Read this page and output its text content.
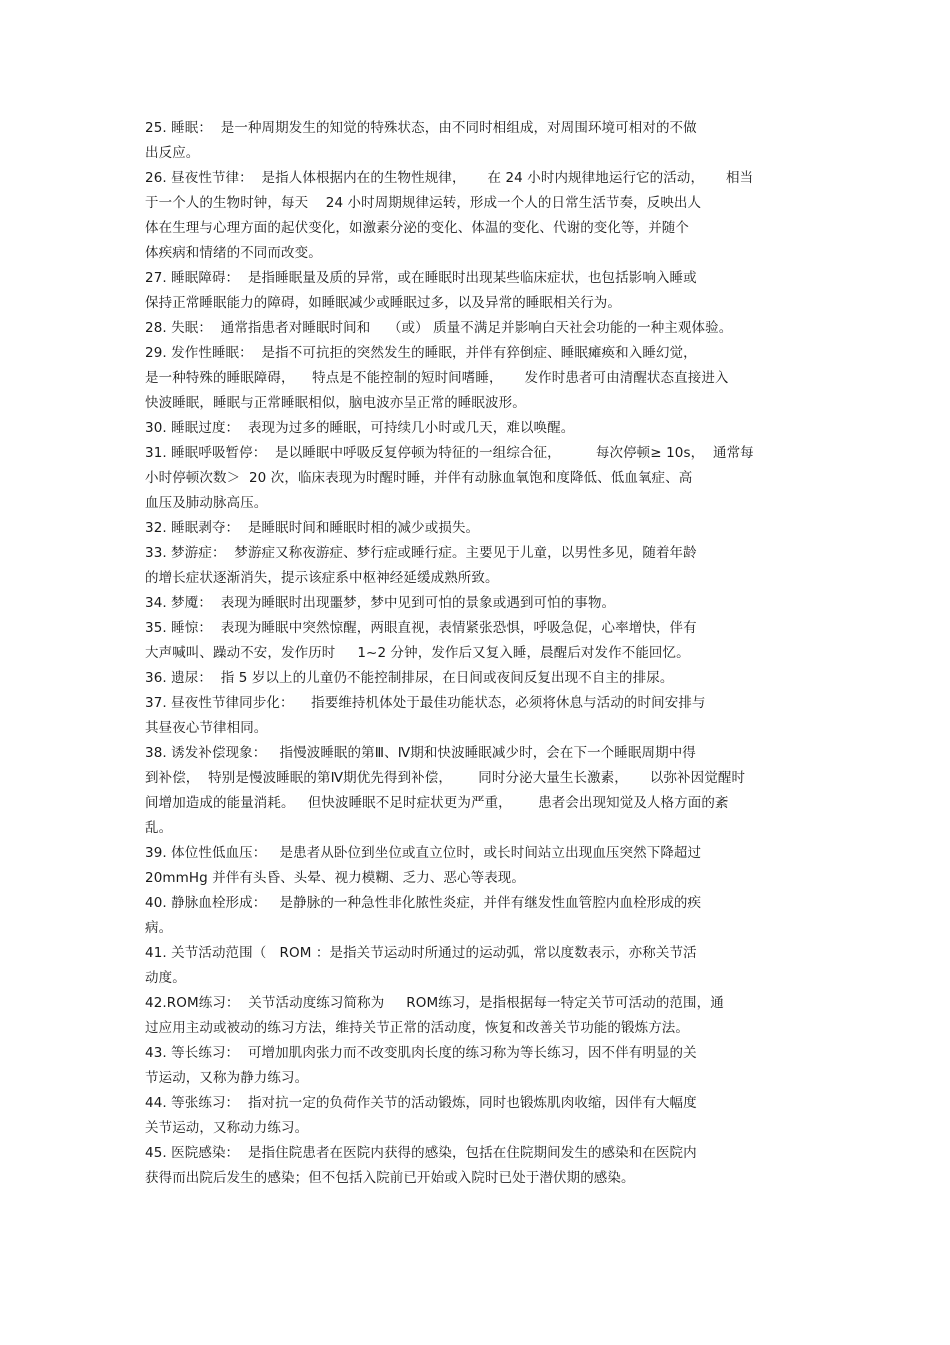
25. 睡眠：  是一种周期发生的知觉的特殊状态，由不同时相组成，对周围环境可相对的不做
出反应。
26. 昼夜性节律：  是指人体根据内在的生物性规律，     在 24 小时内规律地运行它的活动，     相当
于一个人的生物时钟，每天    24 小时周期规律运转，形成一个人的日常生活节奏，反映出人
体在生理与心理方面的起伏变化，如激素分泌的变化、体温的变化、代谢的变化等，并随个
体疾病和情绪的不同而改变。
27. 睡眠障碍：  是指睡眠量及质的异常，或在睡眠时出现某些临床症状，也包括影响入睡或
保持正常睡眠能力的障碍，如睡眠减少或睡眠过多，以及异常的睡眠相关行为。
28. 失眠：  通常指患者对睡眠时间和    （或） 质量不满足并影响白天社会功能的一种主观体验。
29. 发作性睡眠：  是指不可抗拒的突然发生的睡眠，并伴有猝倒症、睡眠瘫痪和入睡幻觉，
是一种特殊的睡眠障碍，    特点是不能控制的短时间嗜睡，     发作时患者可由清醒状态直接进入
快波睡眠，睡眠与正常睡眠相似，脑电波亦呈正常的睡眠波形。
30. 睡眠过度：  表现为过多的睡眠，可持续几小时或几天，难以唤醒。
31. 睡眠呼吸暂停：  是以睡眠中呼吸反复停顿为特征的一组综合征，        每次停顿≥ 10s，  通常每
小时停顿次数＞  20 次，临床表现为时醒时睡，并伴有动脉血氧饱和度降低、低血氧症、高
血压及肺动脉高压。
32. 睡眠剥夺：  是睡眠时间和睡眠时相的减少或损失。
33. 梦游症：  梦游症又称夜游症、梦行症或睡行症。主要见于儿童，以男性多见，随着年龄
的增长症状逐渐消失，提示该症系中枢神经延缓成熟所致。
34. 梦魇：  表现为睡眠时出现噩梦，梦中见到可怕的景象或遇到可怕的事物。
35. 睡惊：  表现为睡眠中突然惊醒，两眼直视，表情紧张恐惧，呼吸急促，心率增快，伴有
大声喊叫、躁动不安，发作历时     1~2 分钟，发作后又复入睡，晨醒后对发作不能回忆。
36. 遗尿：  指 5 岁以上的儿童仍不能控制排尿，在日间或夜间反复出现不自主的排尿。
37. 昼夜性节律同步化：    指要维持机体处于最佳功能状态，必须将休息与活动的时间安排与
其昼夜心节律相同。
38. 诱发补偿现象：   指慢波睡眠的第Ⅲ、Ⅳ期和快波睡眠减少时，会在下一个睡眠周期中得
到补偿，  特别是慢波睡眠的第Ⅳ期优先得到补偿，      同时分泌大量生长激素，     以弥补因觉醒时
间增加造成的能量消耗。   但快波睡眠不足时症状更为严重，      患者会出现知觉及人格方面的紊
乱。
39. 体位性低血压：   是患者从卧位到坐位或直立位时，或长时间站立出现血压突然下降超过
20mmHg 并伴有头昏、头晕、视力模糊、乏力、恶心等表现。
40. 静脉血栓形成：   是静脉的一种急性非化脓性炎症，并伴有继发性血管腔内血栓形成的疾
病。
41. 关节活动范围（   ROM ：是指关节运动时所通过的运动弧，常以度数表示，亦称关节活
动度。
42.ROM练习：  关节活动度练习简称为     ROM练习，是指根据每一特定关节可活动的范围，通
过应用主动或被动的练习方法，维持关节正常的活动度，恢复和改善关节功能的锻炼方法。
43. 等长练习：  可增加肌肉张力而不改变肌肉长度的练习称为等长练习，因不伴有明显的关
节运动，又称为静力练习。
44. 等张练习：  指对抗一定的负荷作关节的活动锻炼，同时也锻炼肌肉收缩，因伴有大幅度
关节运动，又称动力练习。
45. 医院感染：  是指住院患者在医院内获得的感染，包括在住院期间发生的感染和在医院内
获得而出院后发生的感染；但不包括入院前已开始或入院时已处于潜伏期的感染。
